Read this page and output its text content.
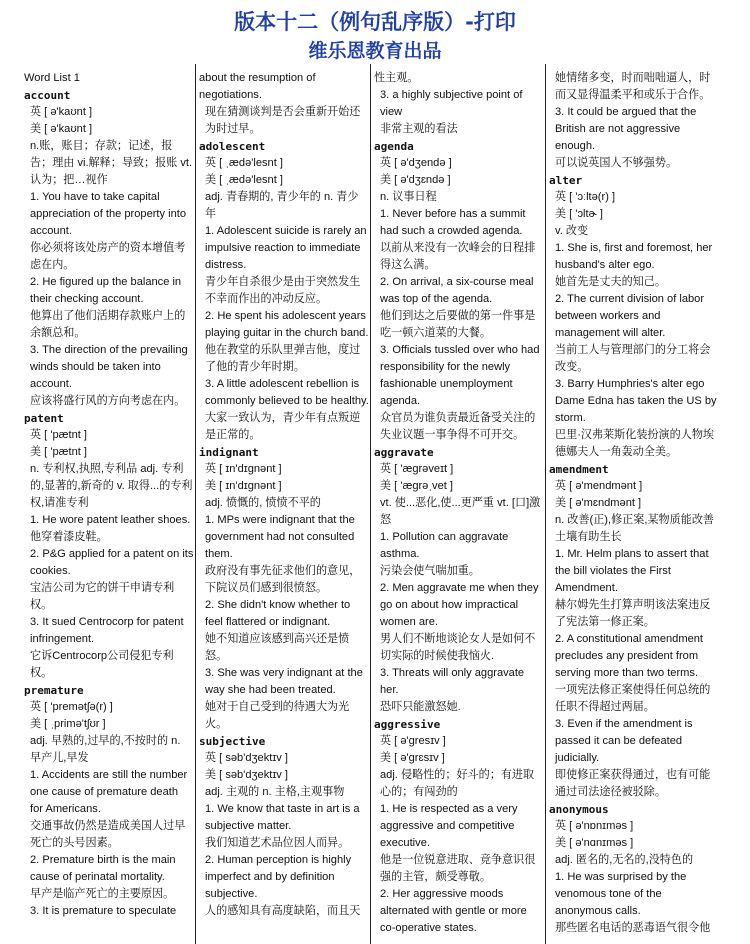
版本十二（例句乱序版）-打印
维乐恩教育出品

Word List 1

account

英 [ ə'kaʊnt ]

美 [ ə'kaʊnt ]

n.账，账目；存款；记述，报告；理由 vi.解释；导致；报账 vt.认为；把…视作

1. You have to take capital appreciation of the property into account.

你必须将该处房产的资本增值考虑在内。

2. He figured up the balance in their checking account.

他算出了他们活期存款账户上的余额总和。

3. The direction of the prevailing winds should be taken into account.

应该将盛行风的方向考虑在内。

patent

英 [ 'pætnt ]

美 [ 'pætnt ]

n. 专利权,执照,专利品 adj. 专利的,显著的,新奇的 v. 取得...的专利权,请准专利

1. He wore patent leather shoes.

他穿着漆皮鞋。

2. P&G applied for a patent on its cookies.

宝洁公司为它的饼干申请专利权。

3. It sued Centrocorp for patent infringement.

它诉Centrocorp公司侵犯专利权。

premature

英 [ 'premətʃə(r) ]

美 [ ˌprimə'tʃʊr ]

adj. 早熟的,过早的,不按时的 n. 早产儿,早发

1. Accidents are still the number one cause of premature death for Americans.

交通事故仍然是造成美国人过早死亡的头号因素。

2. Premature birth is the main cause of perinatal mortality.

早产是临产死亡的主要原因。

3. It is premature to speculate

about the resumption of negotiations.

现在猜测谈判是否会重新开始还为时过早。

adolescent

英 [ ˌædə'lesnt ]

美 [ ˌædə'lesnt ]

adj. 青春期的, 青少年的 n. 青少年

1. Adolescent suicide is rarely an impulsive reaction to immediate distress.

青少年自杀很少是由于突然发生不幸而作出的冲动反应。

2. He spent his adolescent years playing guitar in the church band.

他在教堂的乐队里弹吉他，度过了他的青少年时期。

3. A little adolescent rebellion is commonly believed to be healthy.

大家一致认为，青少年有点叛逆是正常的。

indignant

英 [ ɪn'dɪgnənt ]

美 [ ɪn'dɪgnənt ]

adj. 愤慨的, 愤愤不平的

1. MPs were indignant that the government had not consulted them.

政府没有事先征求他们的意见，下院议员们感到很愤怒。

2. She didn't know whether to feel flattered or indignant.

她不知道应该感到高兴还是愤怒。

3. She was very indignant at the way she had been treated.

她对于自己受到的待遇大为光火。

subjective

英 [ səb'dʒektɪv ]

美 [ səb'dʒektɪv ]

adj. 主观的 n. 主格,主观事物

1. We know that taste in art is a subjective matter.

我们知道艺术品位因人而异。

2. Human perception is highly imperfect and by definition subjective.

人的感知具有高度缺陷，而且天

性主观。

3. a highly subjective point of view

非常主观的看法

agenda

英 [ ə'dʒendə ]

美 [ ə'dʒɛndə ]

n. 议事日程

1. Never before has a summit had such a crowded agenda.

以前从来没有一次峰会的日程排得这么满。

2. On arrival, a six-course meal was top of the agenda.

他们到达之后要做的第一件事是吃一顿六道菜的大餐。

3. Officials tussled over who had responsibility for the newly fashionable unemployment agenda.

众官员为谁负责最近备受关注的失业议题一事争得不可开交。

aggravate

英 [ 'ægrəveɪt ]

美 [ 'ægrəˌvet ]

vt. 使...恶化,使...更严重 vt. [口]激怒

1. Pollution can aggravate asthma.

污染会使气喘加重。

2. Men aggravate me when they go on about how impractical women are.

男人们不断地谈论女人是如何不切实际的时候使我恼火.

3. Threats will only aggravate her.

恐吓只能激怒她.

aggressive

英 [ ə'gresɪv ]

美 [ ə'grɛsɪv ]

adj. 侵略性的；好斗的；有进取心的；有闯劲的

1. He is respected as a very aggressive and competitive executive.

他是一位锐意进取、竞争意识很强的主管，颇受尊敬。

2. Her aggressive moods alternated with gentle or more co-operative states.

她情绪多变，时而咄咄逼人，时而又显得温柔平和或乐于合作。

3. It could be argued that the British are not aggressive enough.

可以说英国人不够强势。

alter

英 [ 'ɔːltə(r) ]

美 [ 'ɔltɚ ]

v. 改变

1. She is, first and foremost, her husband's alter ego.

她首先是丈夫的知己。

2. The current division of labor between workers and management will alter.

当前工人与管理部门的分工将会改变。

3. Barry Humphries's alter ego Dame Edna has taken the US by storm.

巴里·汉弗莱斯化装扮演的人物埃德娜夫人一角轰动全美。

amendment

英 [ ə'mendmənt ]

美 [ ə'mɛndmənt ]

n. 改善(正),修正案,某物质能改善土壤有助生长

1. Mr. Helm plans to assert that the bill violates the First Amendment.

赫尔姆先生打算声明该法案违反了宪法第一修正案。

2. A constitutional amendment precludes any president from serving more than two terms.

一项宪法修正案使得任何总统的任职不得超过两届。

3. Even if the amendment is passed it can be defeated judicially.

即使修正案获得通过，也有可能通过司法途径被驳除。

anonymous

英 [ ə'nɒnɪməs ]

美 [ ə'nɑnɪməs ]

adj. 匿名的,无名的,没特色的

1. He was surprised by the venomous tone of the anonymous calls.

那些匿名电话的恶毒语气很令他
